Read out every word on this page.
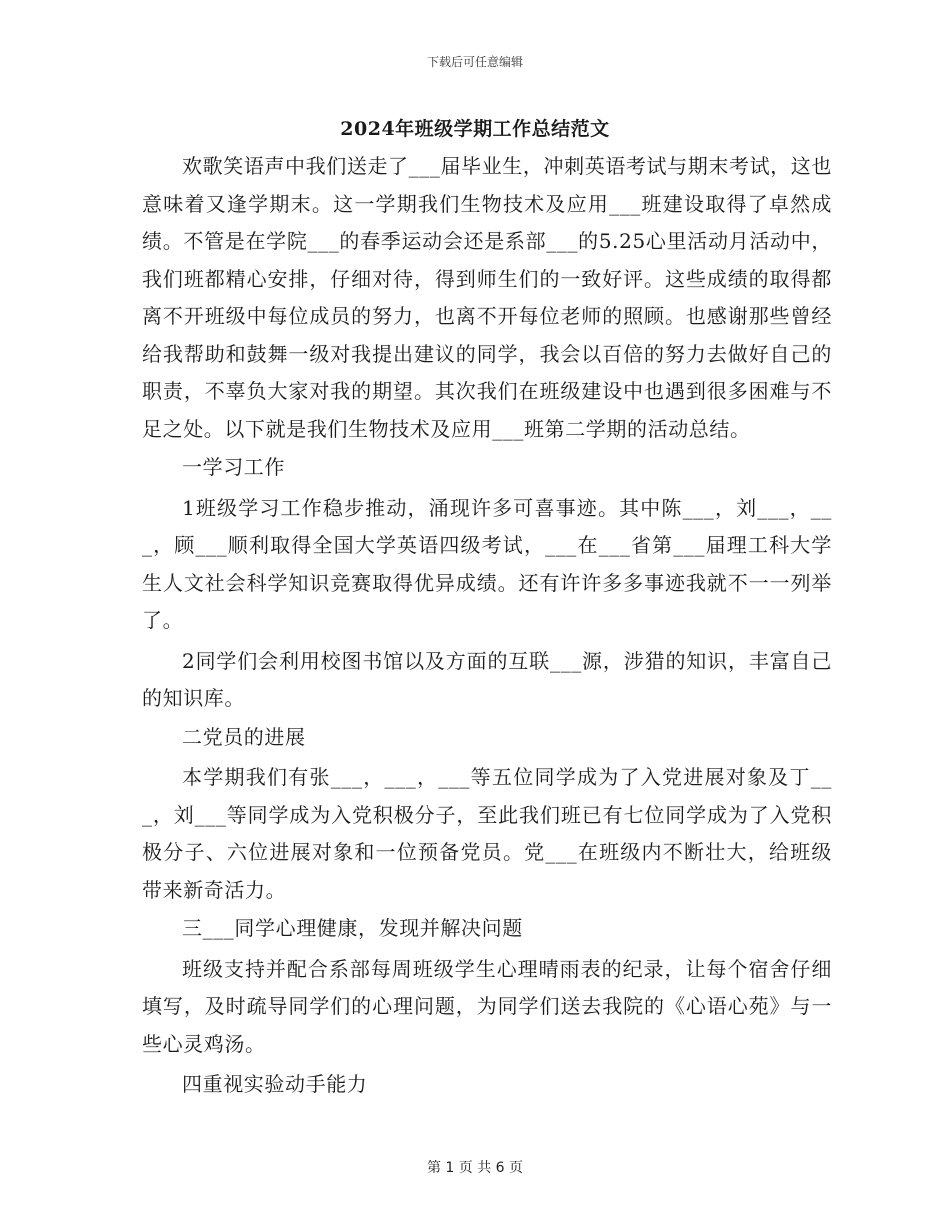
下载后可任意编辑
2024年班级学期工作总结范文

欢歌笑语声中我们送走了___届毕业生，冲刺英语考试与期末考试，这也意味着又逢学期末。这一学期我们生物技术及应用___班建设取得了卓然成绩。不管是在学院___的春季运动会还是系部___的5.25心里活动月活动中，我们班都精心安排，仔细对待，得到师生们的一致好评。这些成绩的取得都离不开班级中每位成员的努力，也离不开每位老师的照顾。也感谢那些曾经给我帮助和鼓舞一级对我提出建议的同学，我会以百倍的努力去做好自己的职责，不辜负大家对我的期望。其次我们在班级建设中也遇到很多困难与不足之处。以下就是我们生物技术及应用___班第二学期的活动总结。

一学习工作

1班级学习工作稳步推动，涌现许多可喜事迹。其中陈___，刘___，___，顾___顺利取得全国大学英语四级考试，___在___省第___届理工科大学生人文社会科学知识竞赛取得优异成绩。还有许许多多事迹我就不一一列举了。

2同学们会利用校图书馆以及方面的互联___源，涉猎的知识，丰富自己的知识库。

二党员的进展

本学期我们有张___，___，___等五位同学成为了入党进展对象及丁___，刘___等同学成为入党积极分子，至此我们班已有七位同学成为了入党积极分子、六位进展对象和一位预备党员。党___在班级内不断壮大，给班级带来新奇活力。

三___同学心理健康，发现并解决问题

班级支持并配合系部每周班级学生心理晴雨表的纪录，让每个宿舍仔细填写，及时疏导同学们的心理问题，为同学们送去我院的《心语心苑》与一些心灵鸡汤。

四重视实验动手能力

第 1 页 共 6 页
